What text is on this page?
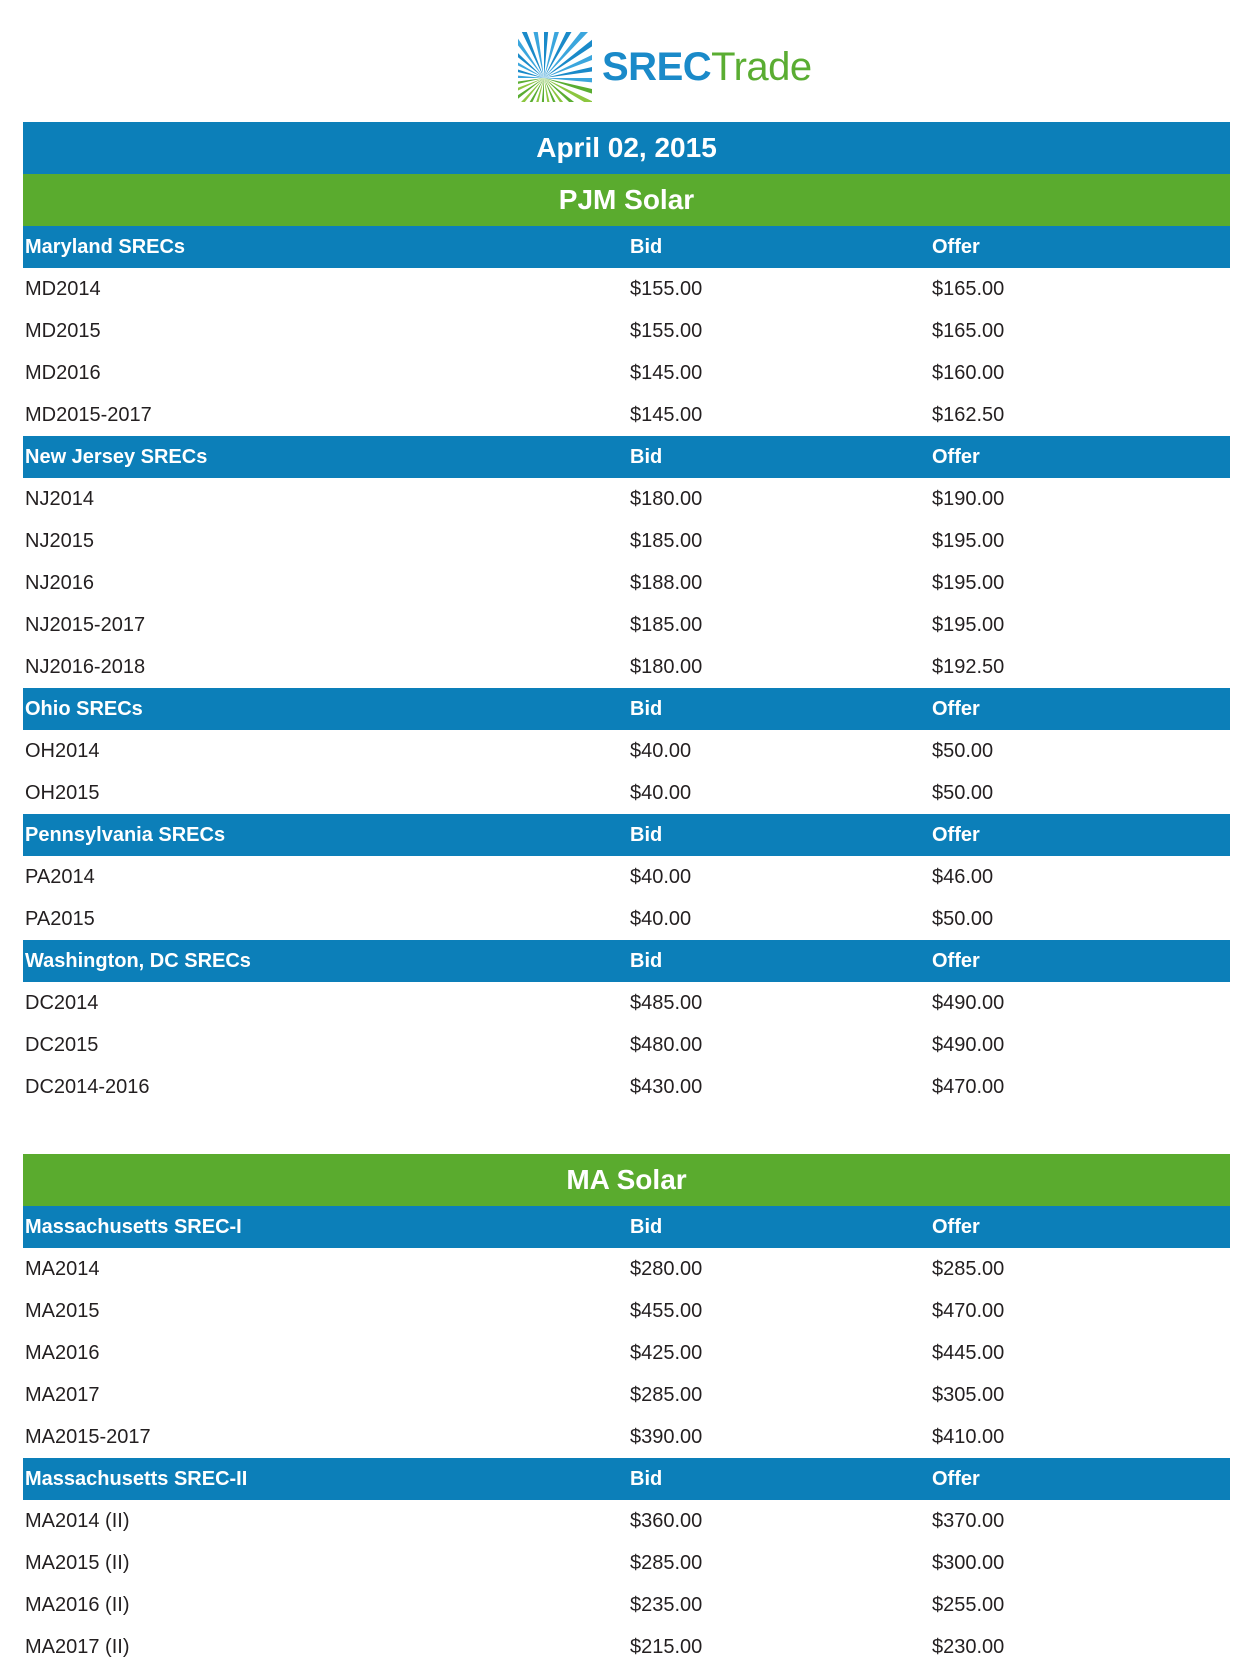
SRECTrade
April 02, 2015
PJM Solar
Maryland SRECs	Bid	Offer
MD2014	$155.00	$165.00
MD2015	$155.00	$165.00
MD2016	$145.00	$160.00
MD2015-2017	$145.00	$162.50
New Jersey SRECs	Bid	Offer
NJ2014	$180.00	$190.00
NJ2015	$185.00	$195.00
NJ2016	$188.00	$195.00
NJ2015-2017	$185.00	$195.00
NJ2016-2018	$180.00	$192.50
Ohio SRECs	Bid	Offer
OH2014	$40.00	$50.00
OH2015	$40.00	$50.00
Pennsylvania SRECs	Bid	Offer
PA2014	$40.00	$46.00
PA2015	$40.00	$50.00
Washington, DC SRECs	Bid	Offer
DC2014	$485.00	$490.00
DC2015	$480.00	$490.00
DC2014-2016	$430.00	$470.00
MA Solar
Massachusetts SREC-I	Bid	Offer
MA2014	$280.00	$285.00
MA2015	$455.00	$470.00
MA2016	$425.00	$445.00
MA2017	$285.00	$305.00
MA2015-2017	$390.00	$410.00
Massachusetts SREC-II	Bid	Offer
MA2014 (II)	$360.00	$370.00
MA2015 (II)	$285.00	$300.00
MA2016 (II)	$235.00	$255.00
MA2017 (II)	$215.00	$230.00
